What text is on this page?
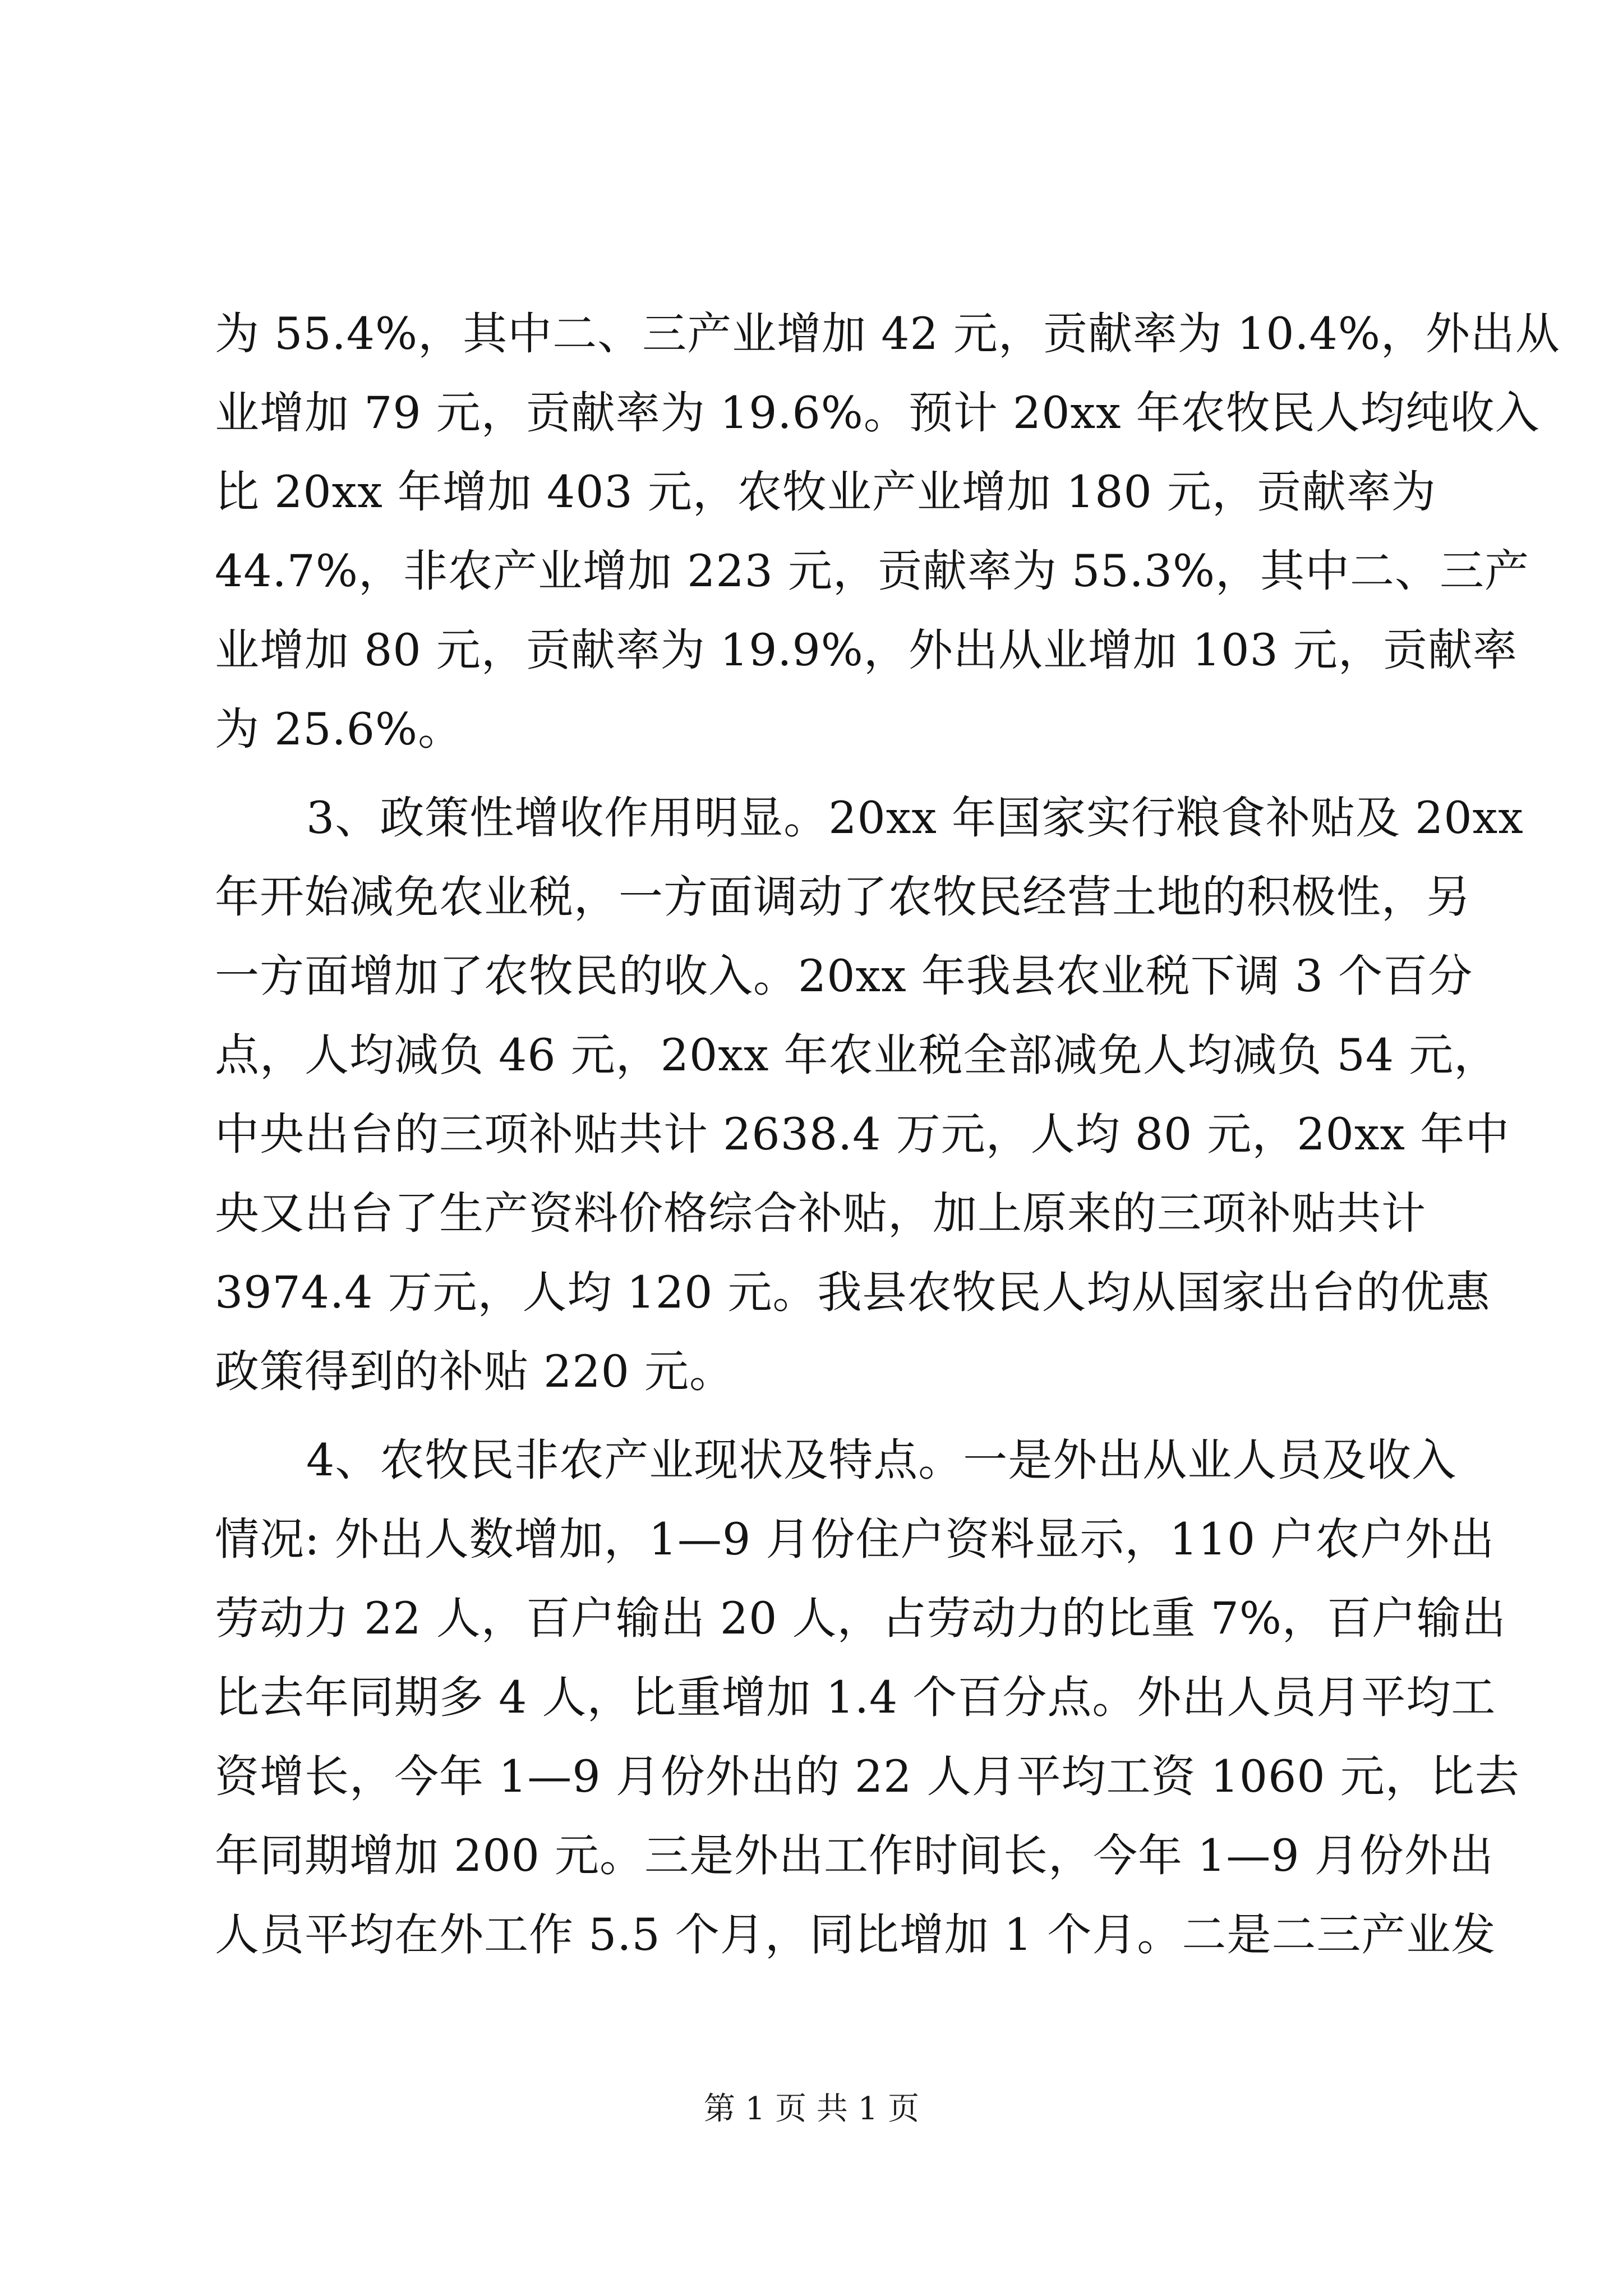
为 55.4%，其中二、三产业增加 42 元，贡献率为 10.4%，外出从
业增加 79 元，贡献率为 19.6%。预计 20xx 年农牧民人均纯收入
比 20xx 年增加 403 元，农牧业产业增加 180 元，贡献率为
44.7%，非农产业增加 223 元，贡献率为 55.3%，其中二、三产
业增加 80 元，贡献率为 19.9%，外出从业增加 103 元，贡献率
为 25.6%。
3、政策性增收作用明显。20xx 年国家实行粮食补贴及 20xx
年开始减免农业税，一方面调动了农牧民经营土地的积极性，另
一方面增加了农牧民的收入。20xx 年我县农业税下调 3 个百分
点，人均减负 46 元，20xx 年农业税全部减免人均减负 54 元，
中央出台的三项补贴共计 2638.4 万元，人均 80 元，20xx 年中
央又出台了生产资料价格综合补贴，加上原来的三项补贴共计
3974.4 万元，人均 120 元。我县农牧民人均从国家出台的优惠
政策得到的补贴 220 元。
4、农牧民非农产业现状及特点。一是外出从业人员及收入
情况: 外出人数增加，1—9 月份住户资料显示，110 户农户外出
劳动力 22 人，百户输出 20 人，占劳动力的比重 7%，百户输出
比去年同期多 4 人，比重增加 1.4 个百分点。外出人员月平均工
资增长，今年 1—9 月份外出的 22 人月平均工资 1060 元，比去
年同期增加 200 元。三是外出工作时间长，今年 1—9 月份外出
人员平均在外工作 5.5 个月，同比增加 1 个月。二是二三产业发
第 1 页 共 1 页
